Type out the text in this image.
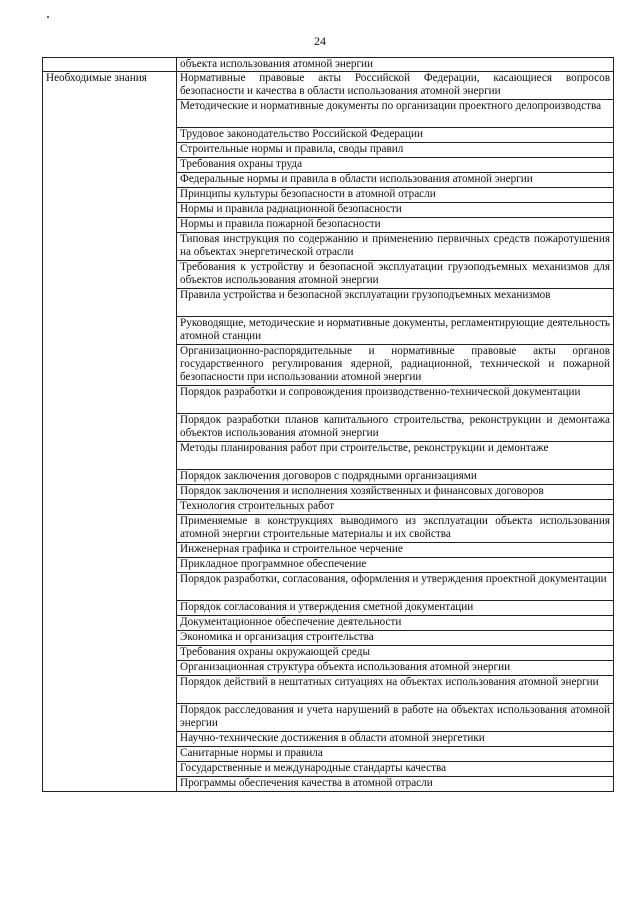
24
	объекта использования атомной энергии
Необходимые знания	Нормативные правовые акты Российской Федерации, касающиеся вопросов безопасности и качества в области использования атомной энергии
	Методические и нормативные документы по организации проектного делопроизводства
	Трудовое законодательство Российской Федерации
	Строительные нормы и правила, своды правил
	Требования охраны труда
	Федеральные нормы и правила в области использования атомной энергии
	Принципы культуры безопасности в атомной отрасли
	Нормы и правила радиационной безопасности
	Нормы и правила пожарной безопасности
	Типовая инструкция по содержанию и применению первичных средств пожаротушения на объектах энергетической отрасли
	Требования к устройству и безопасной эксплуатации грузоподъемных механизмов для объектов использования атомной энергии
	Правила устройства и безопасной эксплуатации грузоподъемных механизмов
	Руководящие, методические и нормативные документы, регламентирующие деятельность атомной станции
	Организационно-распорядительные и нормативные правовые акты органов государственного регулирования ядерной, радиационной, технической и пожарной безопасности при использовании атомной энергии
	Порядок разработки и сопровождения производственно-технической документации
	Порядок разработки планов капитального строительства, реконструкции и демонтажа объектов использования атомной энергии
	Методы планирования работ при строительстве, реконструкции и демонтаже
	Порядок заключения договоров с подрядными организациями
	Порядок заключения и исполнения хозяйственных и финансовых договоров
	Технология строительных работ
	Применяемые в конструкциях выводимого из эксплуатации объекта использования атомной энергии строительные материалы и их свойства
	Инженерная графика и строительное черчение
	Прикладное программное обеспечение
	Порядок разработки, согласования, оформления и утверждения проектной документации
	Порядок согласования и утверждения сметной документации
	Документационное обеспечение деятельности
	Экономика и организация строительства
	Требования охраны окружающей среды
	Организационная структура объекта использования атомной энергии
	Порядок действий в нештатных ситуациях на объектах использования атомной энергии
	Порядок расследования и учета нарушений в работе на объектах использования атомной энергии
	Научно-технические достижения в области атомной энергетики
	Санитарные нормы и правила
	Государственные и международные стандарты качества
	Программы обеспечения качества в атомной отрасли
